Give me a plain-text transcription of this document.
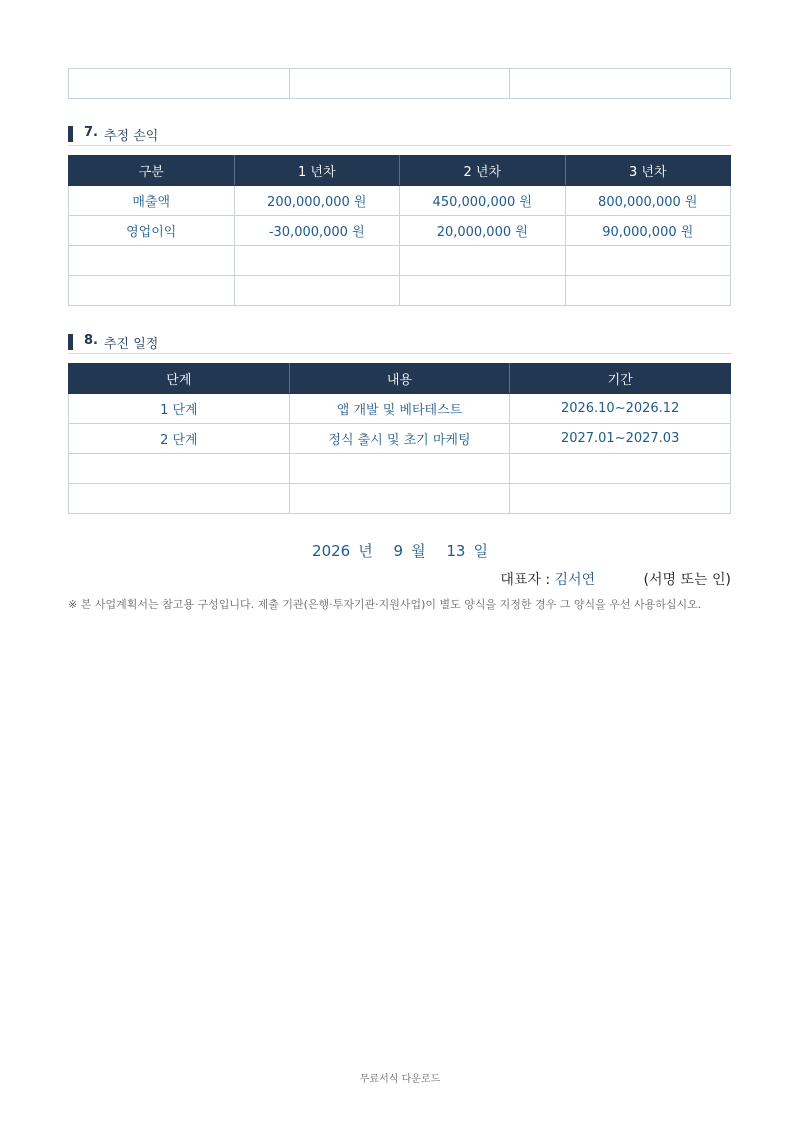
7. 추정 손익
구분	1 년차	2 년차	3 년차
매출액	200,000,000 원	450,000,000 원	800,000,000 원
영업이익	-30,000,000 원	20,000,000 원	90,000,000 원

8. 추진 일정
단계	내용	기간
1 단계	앱 개발 및 베타테스트	2026.10~2026.12
2 단계	정식 출시 및 초기 마케팅	2027.01~2027.03

2026 년 9 월 13 일
대표자 : 김서연	(서명 또는 인)
※ 본 사업계획서는 참고용 구성입니다. 제출 기관(은행·투자기관·지원사업)이 별도 양식을 지정한 경우 그 양식을 우선 사용하십시오.
무료서식 다운로드
